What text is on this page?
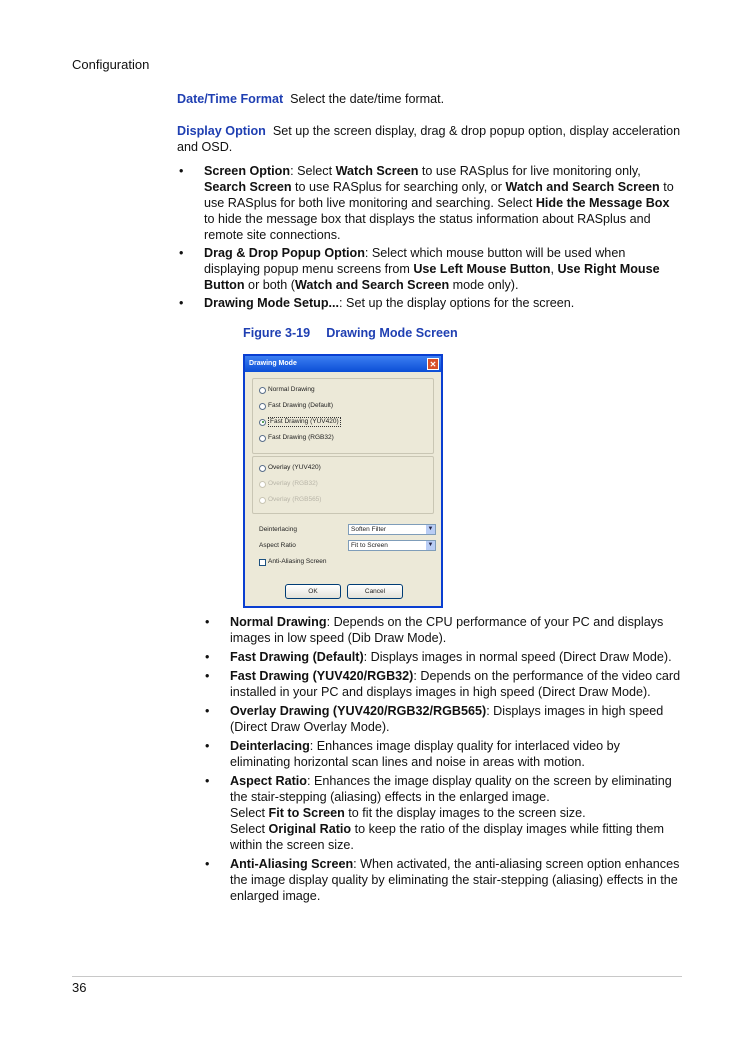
Configuration
Date/Time Format Select the date/time format.
Display Option Set up the screen display, drag & drop popup option, display acceleration and OSD.
• Screen Option: Select Watch Screen to use RASplus for live monitoring only, Search Screen to use RASplus for searching only, or Watch and Search Screen to use RASplus for both live monitoring and searching. Select Hide the Message Box to hide the message box that displays the status information about RASplus and remote site connections.
• Drag & Drop Popup Option: Select which mouse button will be used when displaying popup menu screens from Use Left Mouse Button, Use Right Mouse Button or both (Watch and Search Screen mode only).
• Drawing Mode Setup...: Set up the display options for the screen.
Figure 3-19 Drawing Mode Screen
Drawing Mode	✕
Normal Drawing
Fast Drawing (Default)
Fast Drawing (YUV420)
Fast Drawing (RGB32)
Overlay (YUV420)
Overlay (RGB32)
Overlay (RGB565)
Deinterlacing	Soften Filter	▼
Aspect Ratio	Fit to Screen	▼
Anti-Aliasing Screen
OK	Cancel
• Normal Drawing: Depends on the CPU performance of your PC and displays images in low speed (Dib Draw Mode).
• Fast Drawing (Default): Displays images in normal speed (Direct Draw Mode).
• Fast Drawing (YUV420/RGB32): Depends on the performance of the video card installed in your PC and displays images in high speed (Direct Draw Mode).
• Overlay Drawing (YUV420/RGB32/RGB565): Displays images in high speed (Direct Draw Overlay Mode).
• Deinterlacing: Enhances image display quality for interlaced video by eliminating horizontal scan lines and noise in areas with motion.
• Aspect Ratio: Enhances the image display quality on the screen by eliminating the stair-stepping (aliasing) effects in the enlarged image.
Select Fit to Screen to fit the display images to the screen size.
Select Original Ratio to keep the ratio of the display images while fitting them within the screen size.
• Anti-Aliasing Screen: When activated, the anti-aliasing screen option enhances the image display quality by eliminating the stair-stepping (aliasing) effects in the enlarged image.
36
